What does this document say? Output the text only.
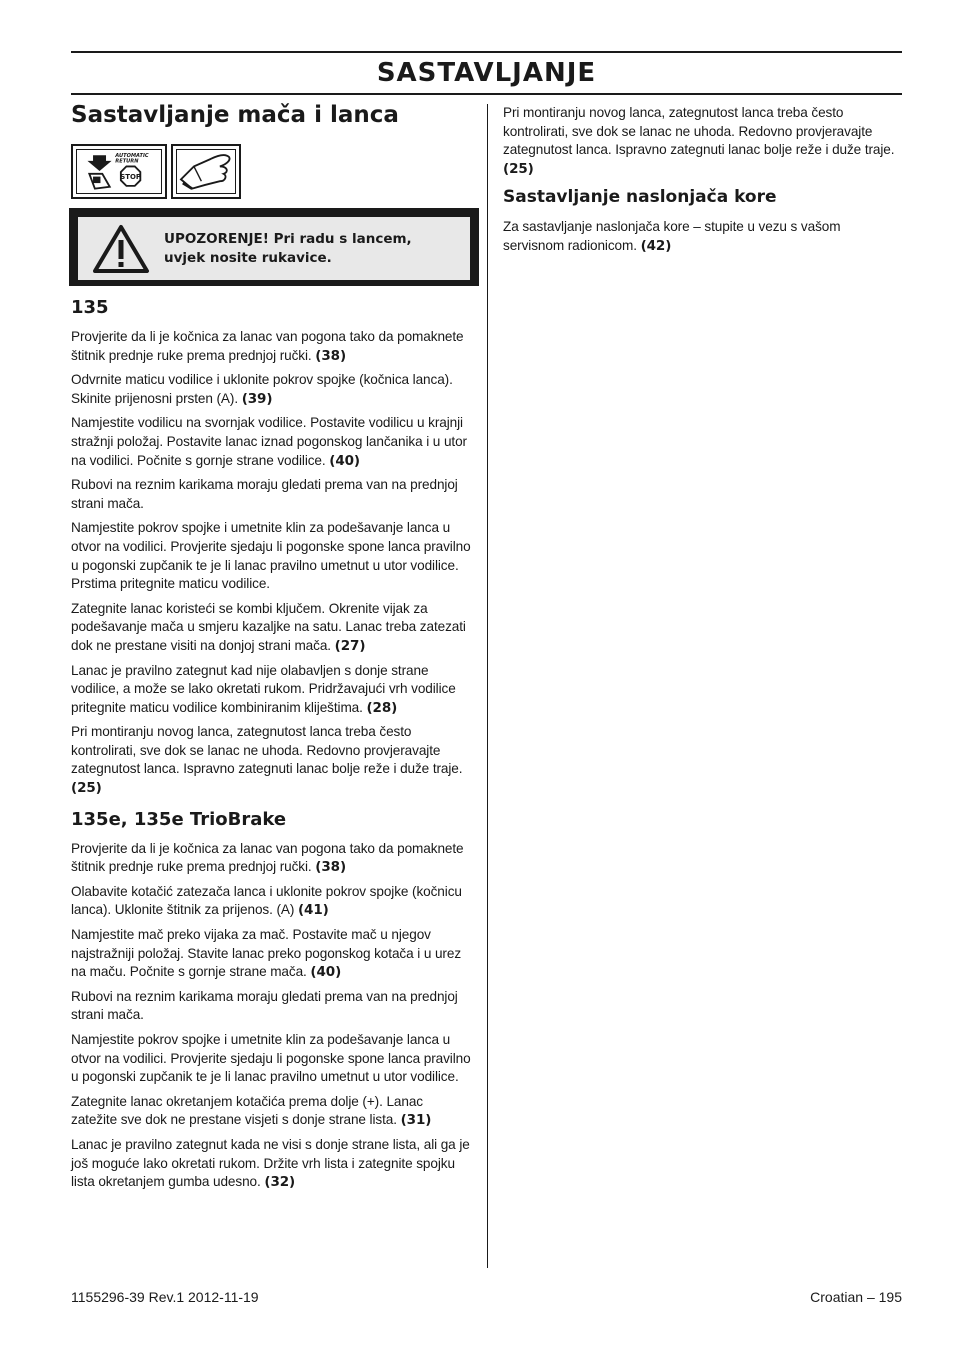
SASTAVLJANJE
Sastavljanje mača i lanca
AUTOMATIC
RETURN
STOP
UPOZORENJE! Pri radu s lancem, uvjek nosite rukavice.
135

Provjerite da li je kočnica za lanac van pogona tako da pomaknete štitnik prednje ruke prema prednjoj ručki. (38)

Odvrnite maticu vodilice i uklonite pokrov spojke (kočnica lanca). Skinite prijenosni prsten (A). (39)

Namjestite vodilicu na svornjak vodilice. Postavite vodilicu u krajnji stražnji položaj. Postavite lanac iznad pogonskog lančanika i u utor na vodilici. Počnite s gornje strane vodilice. (40)

Rubovi na reznim karikama moraju gledati prema van na prednjoj strani mača.

Namjestite pokrov spojke i umetnite klin za podešavanje lanca u otvor na vodilici. Provjerite sjedaju li pogonske spone lanca pravilno u pogonski zupčanik te je li lanac pravilno umetnut u utor vodilice. Prstima pritegnite maticu vodilice.

Zategnite lanac koristeći se kombi ključem. Okrenite vijak za podešavanje mača u smjeru kazaljke na satu. Lanac treba zatezati dok ne prestane visiti na donjoj strani mača. (27)

Lanac je pravilno zategnut kad nije olabavljen s donje strane vodilice, a može se lako okretati rukom. Pridržavajući vrh vodilice pritegnite maticu vodilice kombiniranim kliještima. (28)

Pri montiranju novog lanca, zategnutost lanca treba često kontrolirati, sve dok se lanac ne uhoda. Redovno provjeravajte zategnutost lanca. Ispravno zategnuti lanac bolje reže i duže traje. (25)

135e, 135e TrioBrake

Provjerite da li je kočnica za lanac van pogona tako da pomaknete štitnik prednje ruke prema prednjoj ručki. (38)

Olabavite kotačić zatezača lanca i uklonite pokrov spojke (kočnicu lanca). Uklonite štitnik za prijenos. (A) (41)

Namjestite mač preko vijaka za mač. Postavite mač u njegov najstražniji položaj. Stavite lanac preko pogonskog kotača i u urez na maču. Počnite s gornje strane mača. (40)

Rubovi na reznim karikama moraju gledati prema van na prednjoj strani mača.

Namjestite pokrov spojke i umetnite klin za podešavanje lanca u otvor na vodilici. Provjerite sjedaju li pogonske spone lanca pravilno u pogonski zupčanik te je li lanac pravilno umetnut u utor vodilice.

Zategnite lanac okretanjem kotačića prema dolje (+). Lanac zatežite sve dok ne prestane visjeti s donje strane lista. (31)

Lanac je pravilno zategnut kada ne visi s donje strane lista, ali ga je još moguće lako okretati rukom. Držite vrh lista i zategnite spojku lista okretanjem gumba udesno. (32)

Pri montiranju novog lanca, zategnutost lanca treba često kontrolirati, sve dok se lanac ne uhoda. Redovno provjeravajte zategnutost lanca. Ispravno zategnuti lanac bolje reže i duže traje. (25)

Sastavljanje naslonjača kore

Za sastavljanje naslonjača kore – stupite u vezu s vašom servisnom radionicom. (42)

1155296-39 Rev.1 2012-11-19	Croatian – 195
